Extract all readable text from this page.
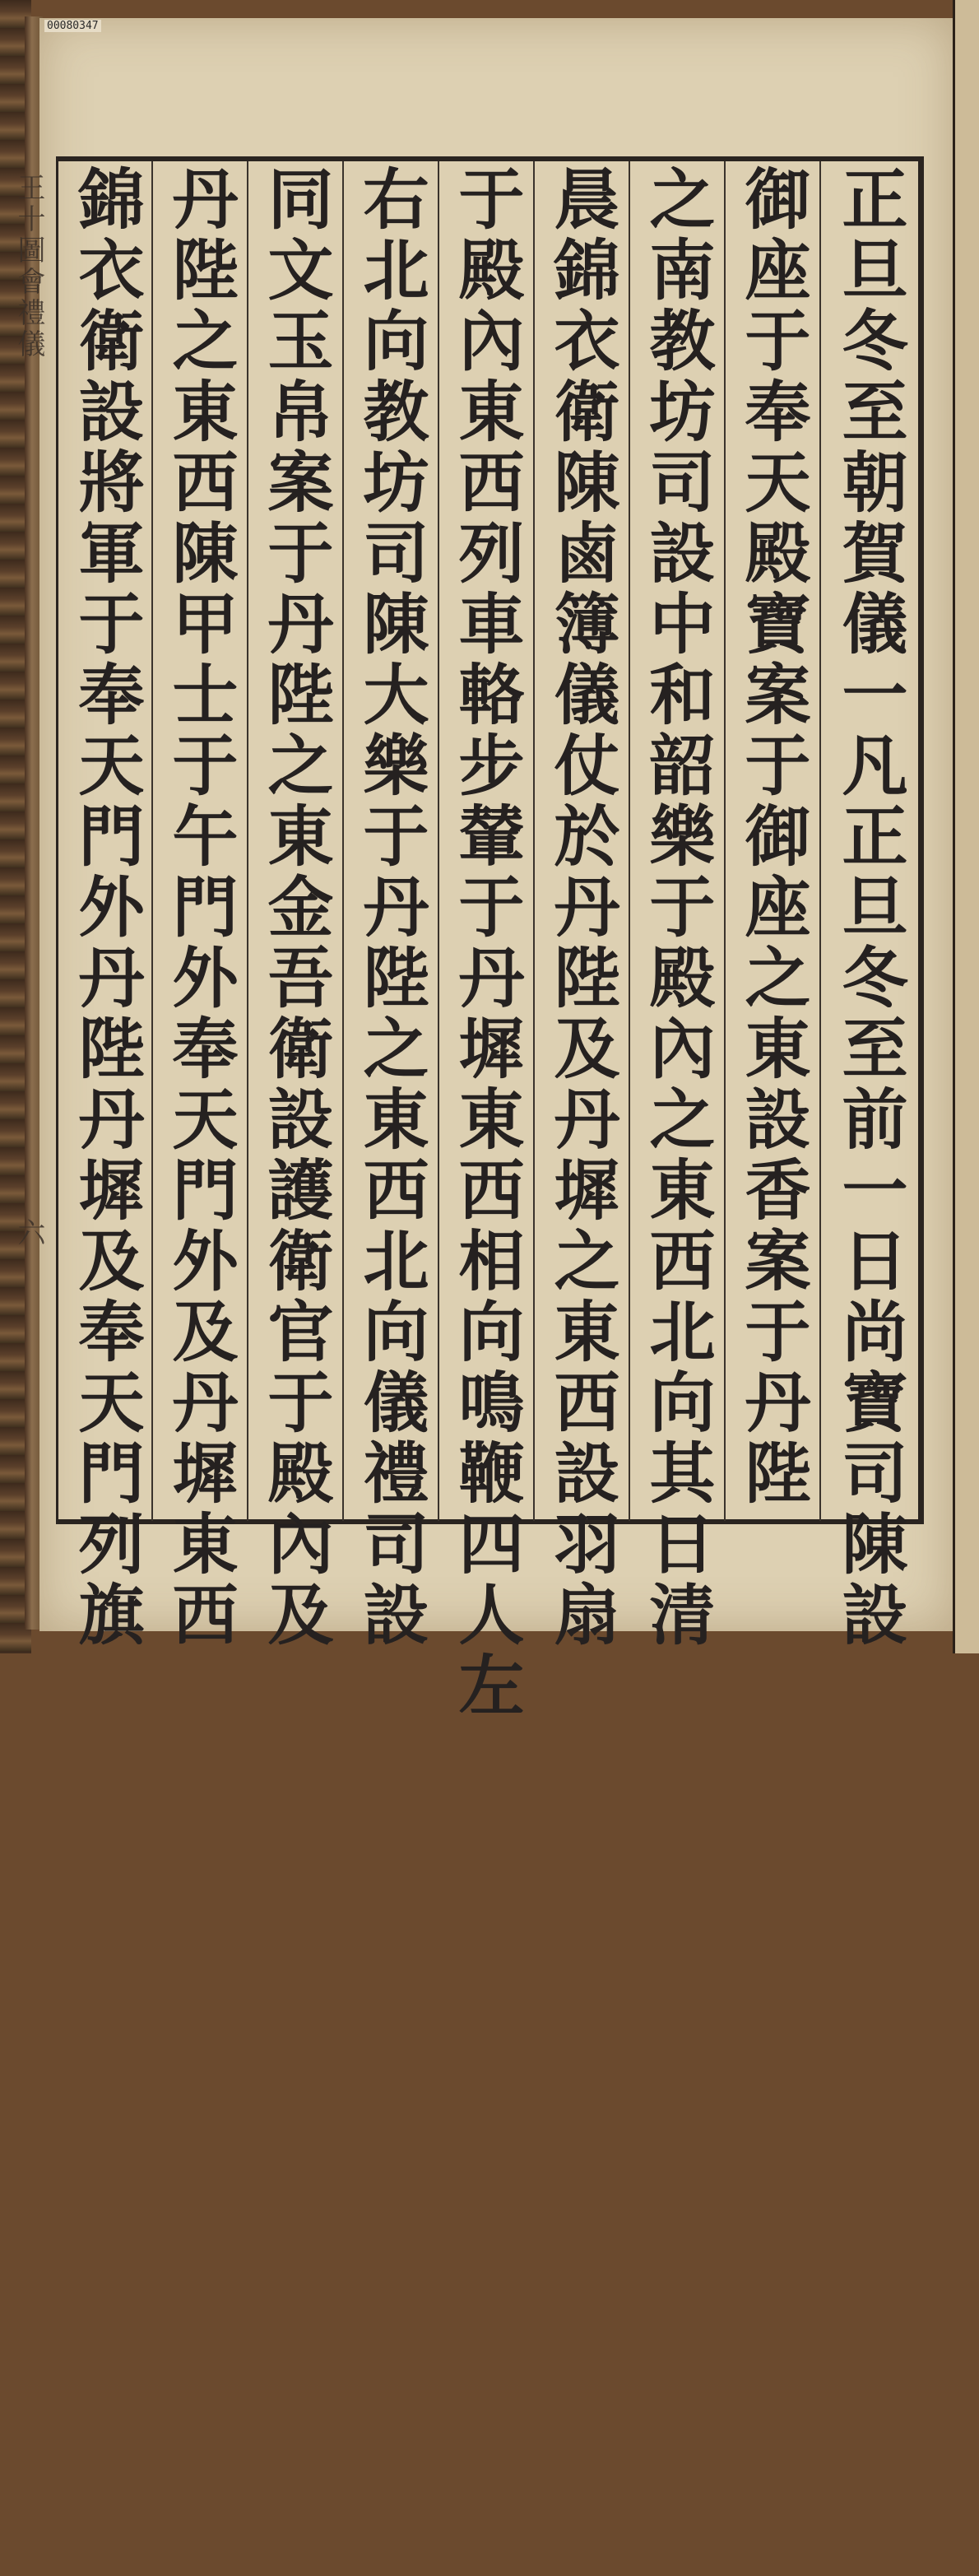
00080347
王十圖會禮儀
六	正旦冬至朝賀儀一凡正旦冬至前一日尚寶司陳設
御座于奉天殿寶案于御座之東設香案于丹陛
之南教坊司設中和韶樂于殿內之東西北向其日清
晨錦衣衛陳鹵簿儀仗於丹陛及丹墀之東西設羽扇
于殿內東西列車輅步輦于丹墀東西相向鳴鞭四人左
右北向教坊司陳大樂于丹陛之東西北向儀禮司設
同文玉帛案于丹陛之東金吾衛設護衛官于殿內及
丹陛之東西陳甲士于午門外奉天門外及丹墀東西
錦衣衛設將軍于奉天門外丹陛丹墀及奉天門列旗
